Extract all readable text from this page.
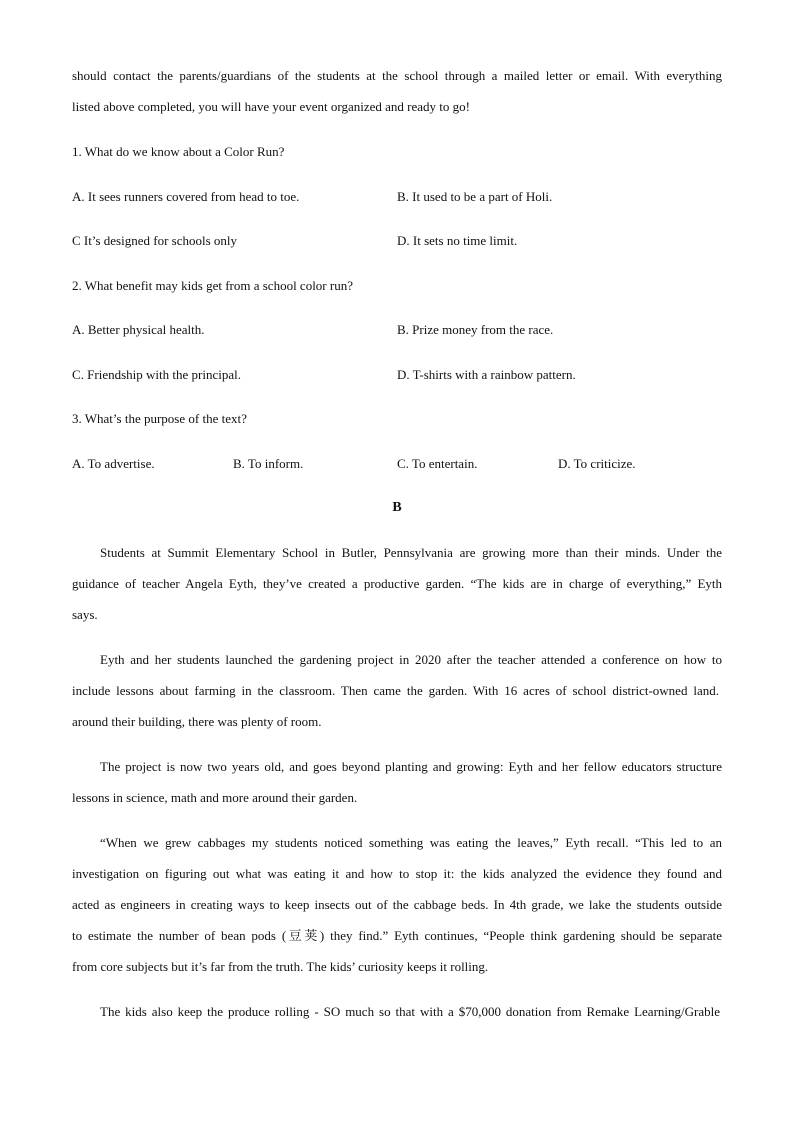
should contact the parents/guardians of the students at the school through a mailed letter or email. With everything
listed above completed, you will have your event organized and ready to go!
1. What do we know about a Color Run?
A. It sees runners covered from head to toe.	B. It used to be a part of Holi.
C It’s designed for schools only	D. It sets no time limit.
2. What benefit may kids get from a school color run?
A. Better physical health.	B. Prize money from the race.
C. Friendship with the principal.	D. T-shirts with a rainbow pattern.
3. What’s the purpose of the text?
A. To advertise.	B. To inform.	C. To entertain.	D. To criticize.
B
Students at Summit Elementary School in Butler, Pennsylvania are growing more than their minds. Under the
guidance of teacher Angela Eyth, they’ve created a productive garden. “The kids are in charge of everything,” Eyth
says.
Eyth and her students launched the gardening project in 2020 after the teacher attended a conference on how to
include lessons about farming in the classroom. Then came the garden. With 16 acres of school district-owned land.
around their building, there was plenty of room.
The project is now two years old, and goes beyond planting and growing: Eyth and her fellow educators structure
lessons in science, math and more around their garden.
“When we grew cabbages my students noticed something was eating the leaves,” Eyth recall. “This led to an
investigation on figuring out what was eating it and how to stop it: the kids analyzed the evidence they found and
acted as engineers in creating ways to keep insects out of the cabbage beds. In 4th grade, we lake the students outside
to estimate the number of bean pods (豆荚) they find.” Eyth continues, “People think gardening should be separate
from core subjects but it’s far from the truth. The kids’ curiosity keeps it rolling.
The kids also keep the produce rolling - SO much so that with a $70,000 donation from Remake Learning/Grable
